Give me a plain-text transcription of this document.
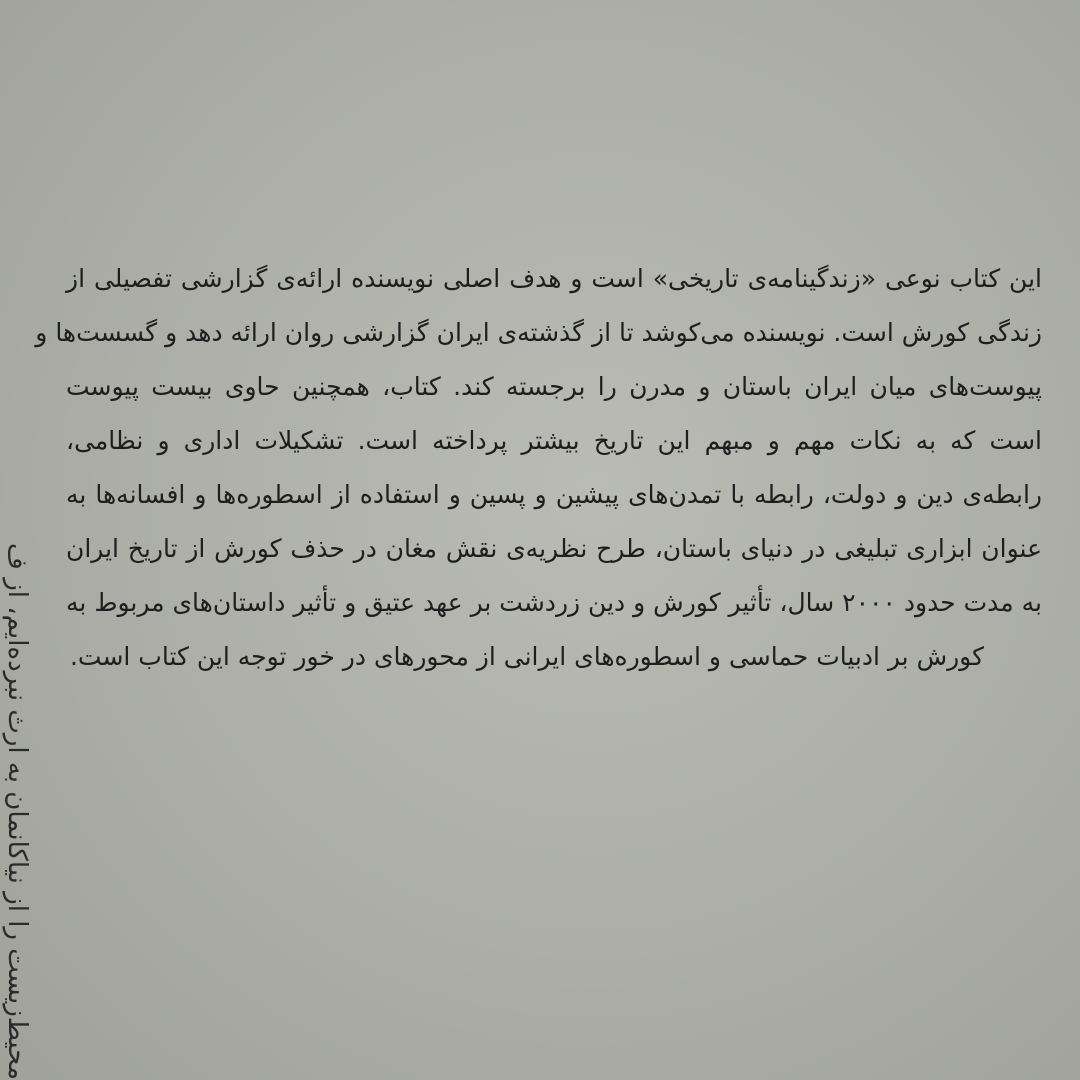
این کتاب نوعی «زندگینامه‌ی تاریخی» است و هدف اصلی نویسنده ارائه‌ی گزارشی تفصیلی از
زندگی کورش است. نویسنده می‌کوشد تا از گذشته‌ی ایران گزارشی روان ارائه دهد و گسست‌ها و
پیوست‌های میان ایران باستان و مدرن را برجسته کند. کتاب، همچنین حاوی بیست پیوست
است که به نکات مهم و مبهم این تاریخ بیشتر پرداخته است. تشکیلات اداری و نظامی،
رابطه‌ی دین و دولت، رابطه با تمدن‌های پیشین و پسین و استفاده از اسطوره‌ها و افسانه‌ها به
عنوان ابزاری تبلیغی در دنیای باستان، طرح نظریه‌ی نقش مغان در حذف کورش از تاریخ ایران
به مدت حدود ۲۰۰۰ سال، تأثیر کورش و دین زردشت بر عهد عتیق و تأثیر داستان‌های مربوط به
کورش بر ادبیات حماسی و اسطوره‌های ایرانی از محورهای در خور توجه این کتاب است.
محیط‌زیست را از نیاکانمان به ارث نبرده‌ایم، از ف
